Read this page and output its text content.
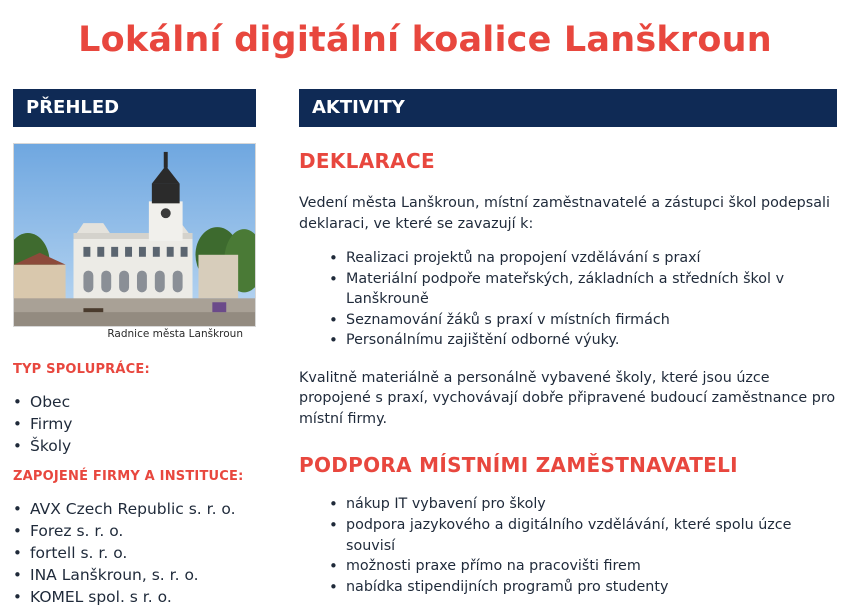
Lokální digitální koalice Lanškroun
PŘEHLED
Radnice města Lanškroun
TYP SPOLUPRÁCE:
• Obec
• Firmy
• Školy
ZAPOJENÉ FIRMY A INSTITUCE:
• AVX Czech Republic s. r. o.
• Forez s. r. o.
• fortell s. r. o.
• INA Lanškroun, s. r. o.
• KOMEL spol. s r. o.
AKTIVITY
DEKLARACE

Vedení města Lanškroun, místní zaměstnavatelé a zástupci škol podepsali deklaraci, ve které se zavazují k:

• Realizaci projektů na propojení vzdělávání s praxí
• Materiální podpoře mateřských, základních a středních škol v Lanškrouně
• Seznamování žáků s praxí v místních firmách
• Personálnímu zajištění odborné výuky.

Kvalitně materiálně a personálně vybavené školy, které jsou úzce propojené s praxí, vychovávají dobře připravené budoucí zaměstnance pro místní firmy.

PODPORA MÍSTNÍMI ZAMĚSTNAVATELI
• nákup IT vybavení pro školy
• podpora jazykového a digitálního vzdělávání, které spolu úzce souvisí
• možnosti praxe přímo na pracovišti firem
• nabídka stipendijních programů pro studenty
